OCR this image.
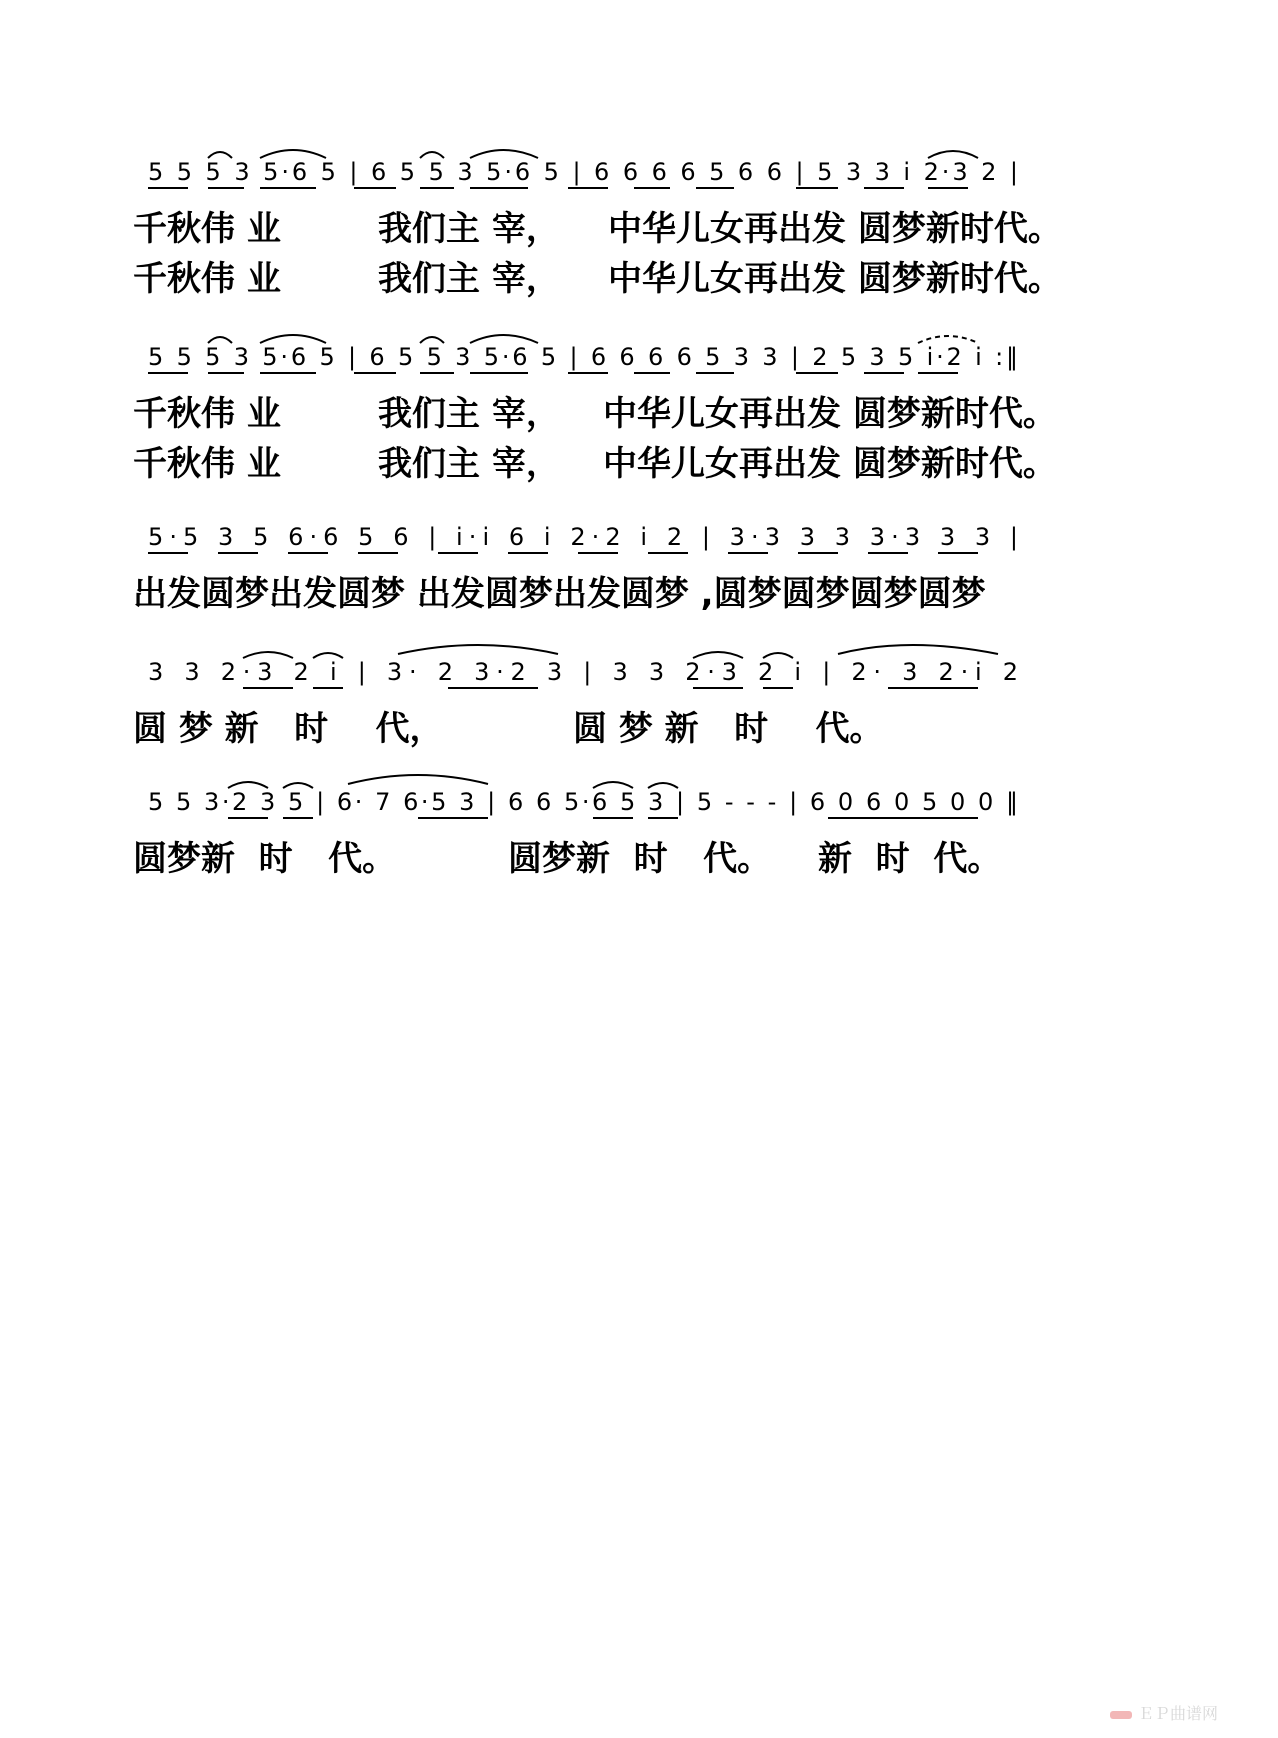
5 5 5 3 5·6 5 | 6 5 5 3 5·6 5 | 6 6 6 6 5 6 6 | 5 3 3 i 2·3 2 |

千秋伟 业

	我们主 宰，

中华儿女再出发 圆梦新时代。

千秋伟 业

	我们主 宰，

中华儿女再出发 圆梦新时代。

5 5 5 3 5·6 5 | 6 5 5 3 5·6 5 | 6 6 6 6 5 3 3 | 2 5 3 5 i·2 i :‖

千秋伟 业

	我们主 宰，

中华儿女再出发 圆梦新时代。

千秋伟 业

	我们主 宰，

中华儿女再出发 圆梦新时代。

5·5 3 5 6·6 5 6 | i·i 6 i 2·2 i 2 | 3·3 3 3 3·3 3 3 |

出发圆梦出发圆梦 出发圆梦出发圆梦 ,圆梦圆梦圆梦圆梦

3 3 2·3 2 i | 3· 2 3·2 3 | 3 3 2·3 2 i | 2· 3 2·i 2

圆 梦 新   时    代，

	圆 梦 新   时    代。

5 5 3·2 3 5 | 6· 7 6·5 3 | 6 6 5·6 5 3 | 5 - - - | 6 0 6 0 5 0 0 ‖

圆梦新  时   代。

	圆梦新  时   代。

新  时  代。

ＥＰ曲谱网
